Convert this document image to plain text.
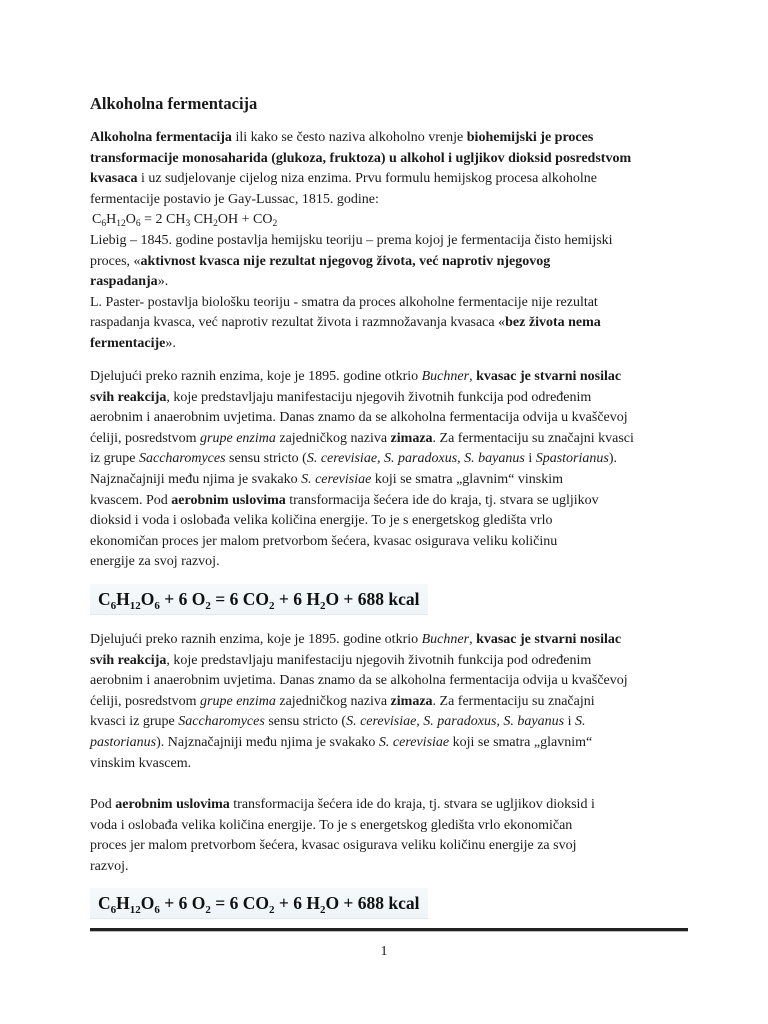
Alkoholna fermentacija
Alkoholna fermentacija ili kako se često naziva alkoholno vrenje biohemijski je proces
transformacije monosaharida (glukoza, fruktoza) u alkohol i ugljikov dioksid posredstvom
kvasaca i uz sudjelovanje cijelog niza enzima. Prvu formulu hemijskog procesa alkoholne
fermentacije postavio je Gay-Lussac, 1815. godine:
$C_6H_{12}O_6 = 2$ $CH_3$ $CH_2OH + CO_2$
Liebig – 1845. godine postavlja hemijsku teoriju – prema kojoj je fermentacija čisto hemijski
proces, «aktivnost kvasca nije rezultat njegovog života, već naprotiv njegovog
raspadanja».
L. Paster- postavlja biološku teoriju - smatra da proces alkoholne fermentacije nije rezultat
raspadanja kvasca, već naprotiv rezultat života i razmnožavanja kvasaca «bez života nema
fermentacije».
Djelujući preko raznih enzima, koje je 1895. godine otkrio Buchner, kvasac je stvarni nosilac
svih reakcija, koje predstavljaju manifestaciju njegovih životnih funkcija pod određenim
aerobnim i anaerobnim uvjetima. Danas znamo da se alkoholna fermentacija odvija u kvaščevoj
ćeliji, posredstvom grupe enzima zajedničkog naziva zimaza. Za fermentaciju su značajni kvasci
iz grupe Saccharomyces sensu stricto (S. cerevisiae, S. paradoxus, S. bayanus i Spastorianus).
Najznačajniji među njima je svakako S. cerevisiae koji se smatra „glavnim“ vinskim
kvascem. Pod aerobnim uslovima transformacija šećera ide do kraja, tj. stvara se ugljikov
dioksid i voda i oslobađa velika količina energije. To je s energetskog gledišta vrlo
ekonomičan proces jer malom pretvorbom šećera, kvasac osigurava veliku količinu
energije za svoj razvoj.
$C_6H_{12}O_6 + 6$ $O_2 = 6$ $CO_2 + 6$ $H_2O + 688$ kcal
Djelujući preko raznih enzima, koje je 1895. godine otkrio Buchner, kvasac je stvarni nosilac
svih reakcija, koje predstavljaju manifestaciju njegovih životnih funkcija pod određenim
aerobnim i anaerobnim uvjetima. Danas znamo da se alkoholna fermentacija odvija u kvaščevoj
ćeliji, posredstvom grupe enzima zajedničkog naziva zimaza. Za fermentaciju su značajni
kvasci iz grupe Saccharomyces sensu stricto (S. cerevisiae, S. paradoxus, S. bayanus i S.
pastorianus). Najznačajniji među njima je svakako S. cerevisiae koji se smatra „glavnim“
vinskim kvascem.
Pod aerobnim uslovima transformacija šećera ide do kraja, tj. stvara se ugljikov dioksid i
voda i oslobađa velika količina energije. To je s energetskog gledišta vrlo ekonomičan
proces jer malom pretvorbom šećera, kvasac osigurava veliku količinu energije za svoj
razvoj.
$C_6H_{12}O_6 + 6$ $O_2 = 6$ $CO_2 + 6$ $H_2O + 688$ kcal
1
